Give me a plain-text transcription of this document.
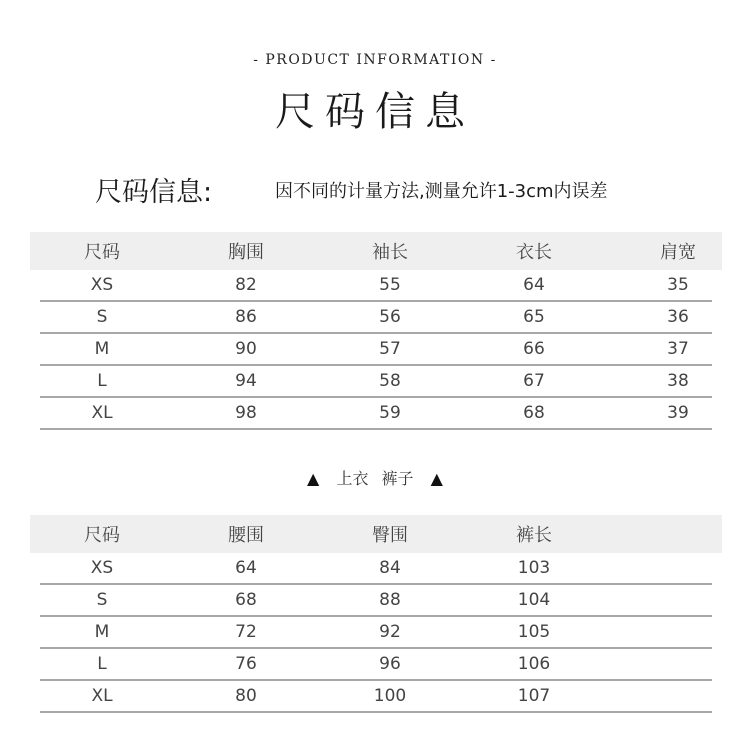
- PRODUCT INFORMATION -
尺码信息
尺码信息:	因不同的计量方法,测量允许1-3cm内误差
尺码	胸围	袖长	衣长	肩宽
XS	82	55	64	35
S	86	56	65	36
M	90	57	66	37
L	94	58	67	38
XL	98	59	68	39
▲ 上衣 裤子 ▲
尺码	腰围	臀围	裤长
XS	64	84	103
S	68	88	104
M	72	92	105
L	76	96	106
XL	80	100	107
